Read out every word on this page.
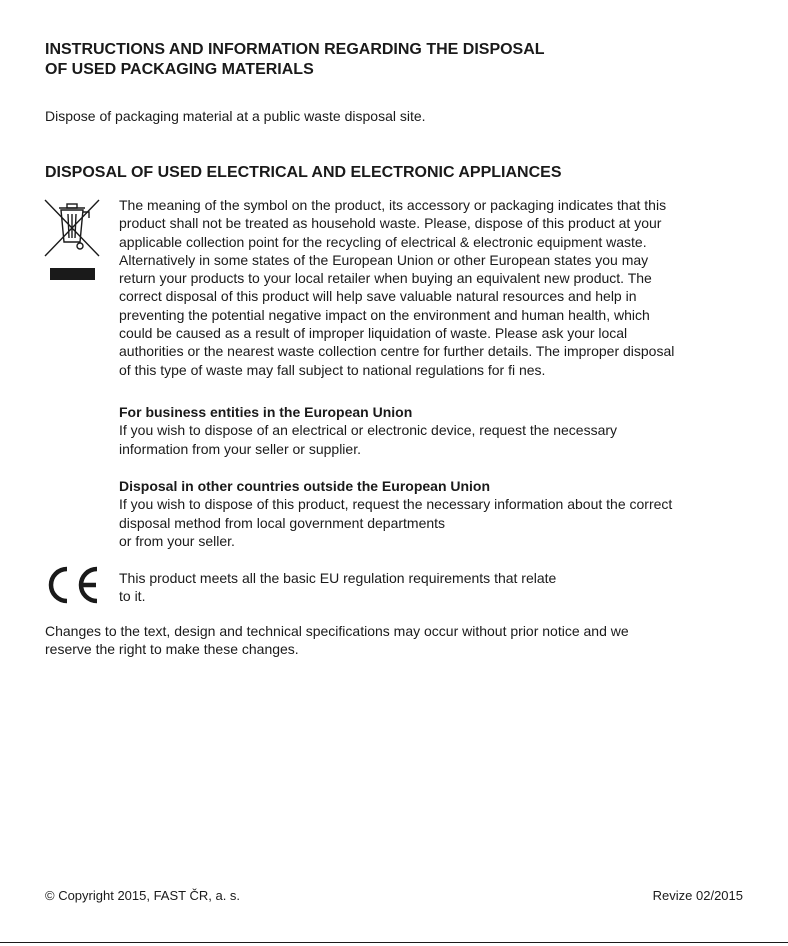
INSTRUCTIONS AND INFORMATION REGARDING THE DISPOSAL
OF USED PACKAGING MATERIALS

Dispose of packaging material at a public waste disposal site.

DISPOSAL OF USED ELECTRICAL AND ELECTRONIC APPLIANCES

The meaning of the symbol on the product, its accessory or packaging indicates that this
product shall not be treated as household waste. Please, dispose of this product at your
applicable collection point for the recycling of electrical & electronic equipment waste.
Alternatively in some states of the European Union or other European states you may
return your products to your local retailer when buying an equivalent new product. The
correct disposal of this product will help save valuable natural resources and help in
preventing the potential negative impact on the environment and human health, which
could be caused as a result of improper liquidation of waste. Please ask your local
authorities or the nearest waste collection centre for further details. The improper disposal
of this type of waste may fall subject to national regulations for fi nes.

For business entities in the European Union

If you wish to dispose of an electrical or electronic device, request the necessary
information from your seller or supplier.

Disposal in other countries outside the European Union

If you wish to dispose of this product, request the necessary information about the correct
disposal method from local government departments
or from your seller.

This product meets all the basic EU regulation requirements that relate
to it.

Changes to the text, design and technical specifications may occur without prior notice and we
reserve the right to make these changes.

© Copyright 2015, FAST ČR, a. s.	Revize 02/2015
